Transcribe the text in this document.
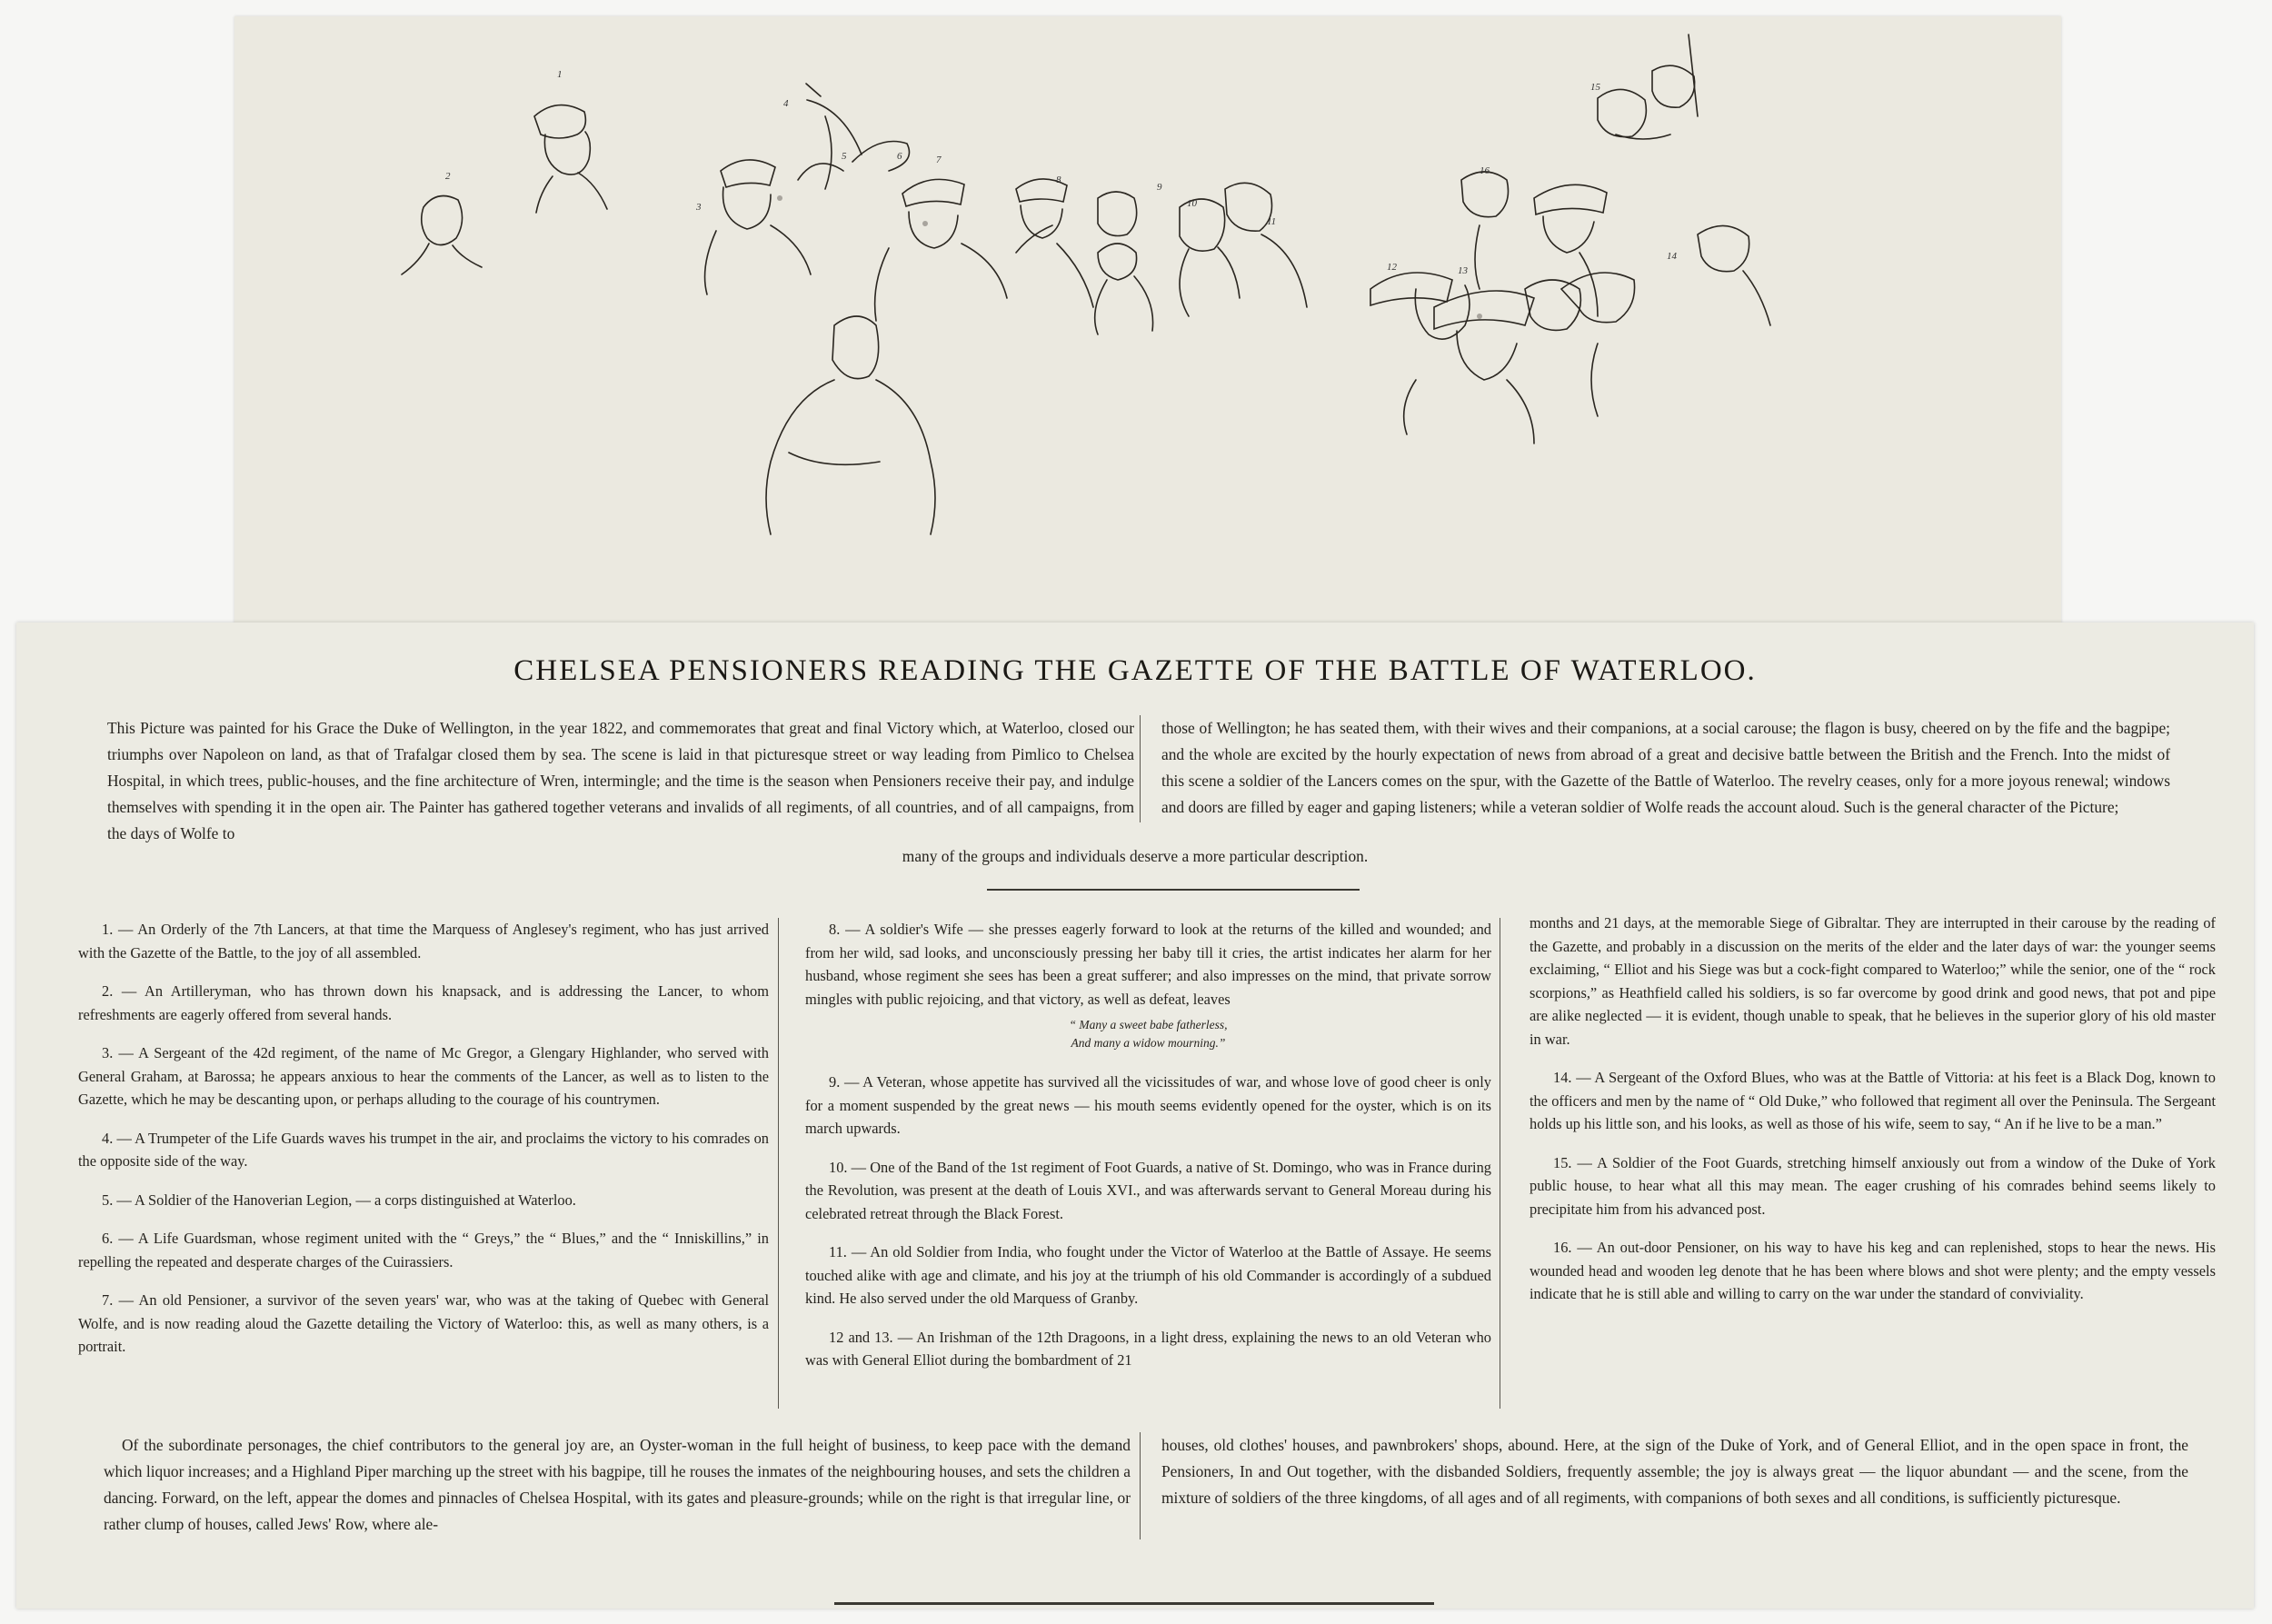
1
2
3
4
5	6	7
8
9
10
11
12	13
14
15
16
CHELSEA PENSIONERS READING THE GAZETTE OF THE BATTLE OF WATERLOO.
This Picture was painted for his Grace the Duke of Wellington, in the year 1822, and commemorates that great and final Victory which, at Waterloo, closed our triumphs over Napoleon on land, as that of Trafalgar closed them by sea. The scene is laid in that picturesque street or way leading from Pimlico to Chelsea Hospital, in which trees, public-houses, and the fine architecture of Wren, intermingle; and the time is the season when Pensioners receive their pay, and indulge themselves with spending it in the open air. The Painter has gathered together veterans and invalids of all regiments, of all countries, and of all campaigns, from the days of Wolfe to
those of Wellington; he has seated them, with their wives and their companions, at a social carouse; the flagon is busy, cheered on by the fife and the bagpipe; and the whole are excited by the hourly expectation of news from abroad of a great and decisive battle between the British and the French. Into the midst of this scene a soldier of the Lancers comes on the spur, with the Gazette of the Battle of Waterloo. The revelry ceases, only for a more joyous renewal; windows and doors are filled by eager and gaping listeners; while a veteran soldier of Wolfe reads the account aloud. Such is the general character of the Picture;
many of the groups and individuals deserve a more particular description.
1. — An Orderly of the 7th Lancers, at that time the Marquess of Anglesey's regiment, who has just arrived with the Gazette of the Battle, to the joy of all assembled.
2. — An Artilleryman, who has thrown down his knapsack, and is addressing the Lancer, to whom refreshments are eagerly offered from several hands.
3. — A Sergeant of the 42d regiment, of the name of Mc Gregor, a Glengary Highlander, who served with General Graham, at Barossa; he appears anxious to hear the comments of the Lancer, as well as to listen to the Gazette, which he may be descanting upon, or perhaps alluding to the courage of his countrymen.
4. — A Trumpeter of the Life Guards waves his trumpet in the air, and proclaims the victory to his comrades on the opposite side of the way.
5. — A Soldier of the Hanoverian Legion, — a corps distinguished at Waterloo.
6. — A Life Guardsman, whose regiment united with the “ Greys,” the “ Blues,” and the “ Inniskillins,” in repelling the repeated and desperate charges of the Cuirassiers.
7. — An old Pensioner, a survivor of the seven years' war, who was at the taking of Quebec with General Wolfe, and is now reading aloud the Gazette detailing the Victory of Waterloo: this, as well as many others, is a portrait.
8. — A soldier's Wife — she presses eagerly forward to look at the returns of the killed and wounded; and from her wild, sad looks, and unconsciously pressing her baby till it cries, the artist indicates her alarm for her husband, whose regiment she sees has been a great sufferer; and also impresses on the mind, that private sorrow mingles with public rejoicing, and that victory, as well as defeat, leaves
“ Many a sweet babe fatherless,
And many a widow mourning.”
9. — A Veteran, whose appetite has survived all the vicissitudes of war, and whose love of good cheer is only for a moment suspended by the great news — his mouth seems evidently opened for the oyster, which is on its march upwards.
10. — One of the Band of the 1st regiment of Foot Guards, a native of St. Domingo, who was in France during the Revolution, was present at the death of Louis XVI., and was afterwards servant to General Moreau during his celebrated retreat through the Black Forest.
11. — An old Soldier from India, who fought under the Victor of Waterloo at the Battle of Assaye. He seems touched alike with age and climate, and his joy at the triumph of his old Commander is accordingly of a subdued kind. He also served under the old Marquess of Granby.
12 and 13. — An Irishman of the 12th Dragoons, in a light dress, explaining the news to an old Veteran who was with General Elliot during the bombardment of 21
months and 21 days, at the memorable Siege of Gibraltar. They are interrupted in their carouse by the reading of the Gazette, and probably in a discussion on the merits of the elder and the later days of war: the younger seems exclaiming, “ Elliot and his Siege was but a cock-fight compared to Waterloo;” while the senior, one of the “ rock scorpions,” as Heathfield called his soldiers, is so far overcome by good drink and good news, that pot and pipe are alike neglected — it is evident, though unable to speak, that he believes in the superior glory of his old master in war.
14. — A Sergeant of the Oxford Blues, who was at the Battle of Vittoria: at his feet is a Black Dog, known to the officers and men by the name of “ Old Duke,” who followed that regiment all over the Peninsula. The Sergeant holds up his little son, and his looks, as well as those of his wife, seem to say, “ An if he live to be a man.”
15. — A Soldier of the Foot Guards, stretching himself anxiously out from a window of the Duke of York public house, to hear what all this may mean. The eager crushing of his comrades behind seems likely to precipitate him from his advanced post.
16. — An out-door Pensioner, on his way to have his keg and can replenished, stops to hear the news. His wounded head and wooden leg denote that he has been where blows and shot were plenty; and the empty vessels indicate that he is still able and willing to carry on the war under the standard of conviviality.
Of the subordinate personages, the chief contributors to the general joy are, an Oyster-woman in the full height of business, to keep pace with the demand which liquor increases; and a Highland Piper marching up the street with his bagpipe, till he rouses the inmates of the neighbouring houses, and sets the children a dancing. Forward, on the left, appear the domes and pinnacles of Chelsea Hospital, with its gates and pleasure-grounds; while on the right is that irregular line, or rather clump of houses, called Jews' Row, where ale-
houses, old clothes' houses, and pawnbrokers' shops, abound. Here, at the sign of the Duke of York, and of General Elliot, and in the open space in front, the Pensioners, In and Out together, with the disbanded Soldiers, frequently assemble; the joy is always great — the liquor abundant — and the scene, from the mixture of soldiers of the three kingdoms, of all ages and of all regiments, with companions of both sexes and all conditions, is sufficiently picturesque.
